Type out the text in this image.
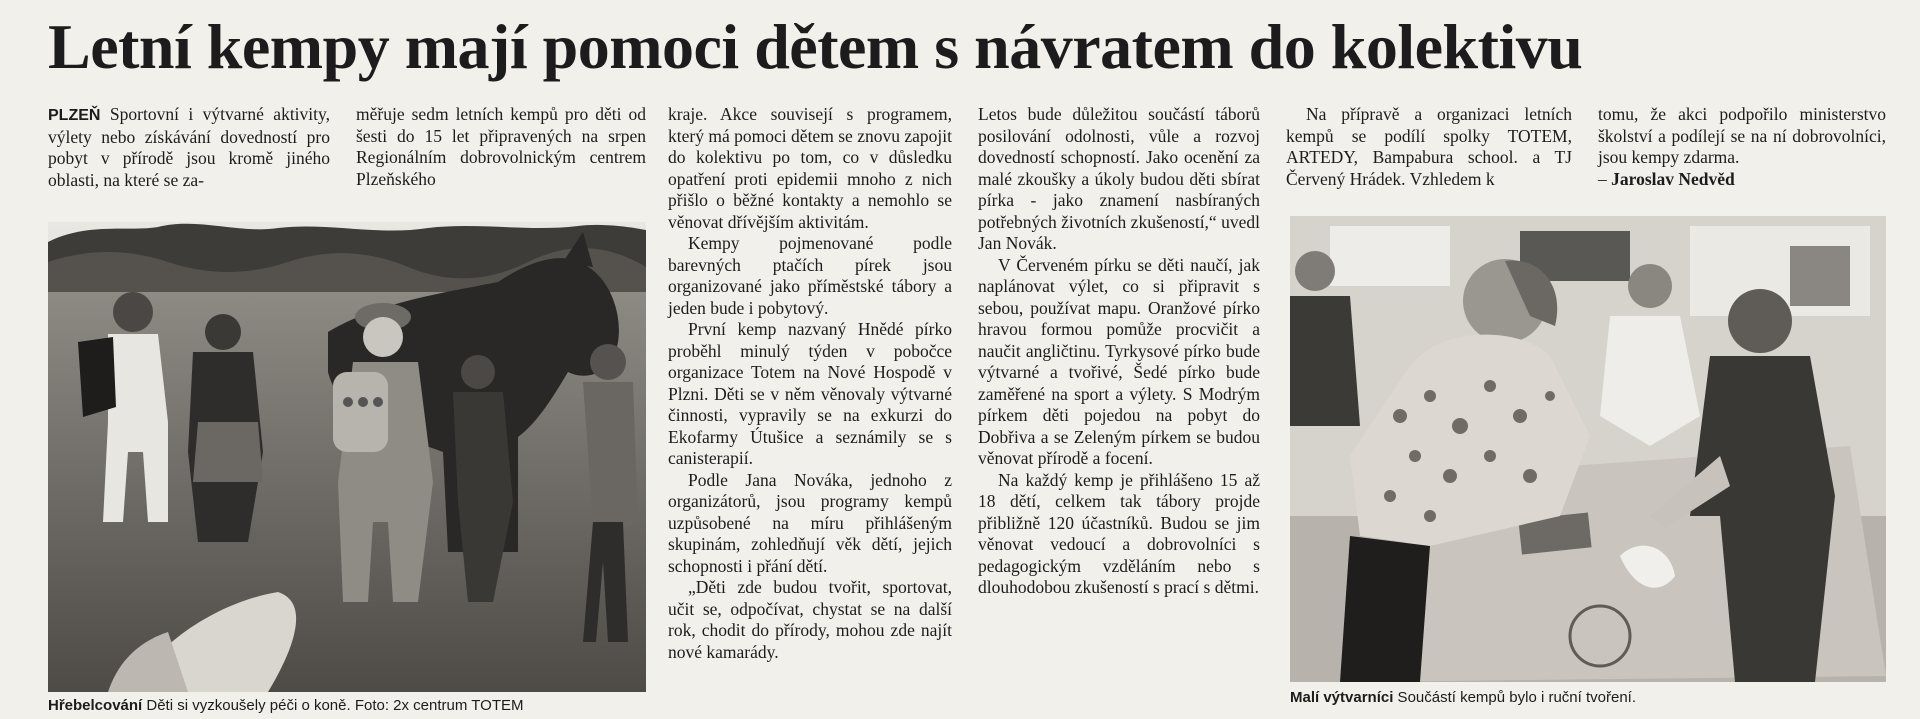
Letní kempy mají pomoci dětem s návratem do kolektivu

PLZEŇ Sportovní i výtvarné aktivity, výlety nebo získávání dovedností pro pobyt v přírodě jsou kromě jiného oblasti, na které se za-

měřuje sedm letních kempů pro děti od šesti do 15 let připravených na srpen Regionálním dobrovolnickým centrem Plzeňského

Hřebelcování Děti si vyzkoušely péči o koně. Foto: 2x centrum TOTEM

kraje. Akce souvisejí s programem, který má pomoci dětem se znovu zapojit do kolektivu po tom, co v důsledku opatření proti epidemii mnoho z nich přišlo o běžné kontakty a nemohlo se věnovat dřívějším aktivitám.

Kempy pojmenované podle barevných ptačích pírek jsou organizované jako příměstské tábory a jeden bude i pobytový.

První kemp nazvaný Hnědé pírko proběhl minulý týden v pobočce organizace Totem na Nové Hospodě v Plzni. Děti se v něm věnovaly výtvarné činnosti, vypravily se na exkurzi do Ekofarmy Útušice a seznámily se s canisterapií.

Podle Jana Nováka, jednoho z organizátorů, jsou programy kempů uzpůsobené na míru přihlášeným skupinám, zohledňují věk dětí, jejich schopnosti i přání dětí.

„Děti zde budou tvořit, sportovat, učit se, odpočívat, chystat se na další rok, chodit do přírody, mohou zde najít nové kamarády.

Letos bude důležitou součástí táborů posilování odolnosti, vůle a rozvoj dovedností schopností. Jako ocenění za malé zkoušky a úkoly budou děti sbírat pírka - jako znamení nasbíraných potřebných životních zkušeností,“ uvedl Jan Novák.

V Červeném pírku se děti naučí, jak naplánovat výlet, co si připravit s sebou, používat mapu. Oranžové pírko hravou formou pomůže procvičit a naučit angličtinu. Tyrkysové pírko bude výtvarné a tvořivé, Šedé pírko bude zaměřené na sport a výlety. S Modrým pírkem děti pojedou na pobyt do Dobřiva a se Zeleným pírkem se budou věnovat přírodě a focení.

Na každý kemp je přihlášeno 15 až 18 dětí, celkem tak tábory projde přibližně 120 účastníků. Budou se jim věnovat vedoucí a dobrovolníci s pedagogickým vzděláním nebo s dlouhodobou zkušeností s prací s dětmi.

Na přípravě a organizaci letních kempů se podílí spolky TOTEM, ARTEDY, Bampabura school. a TJ Červený Hrádek. Vzhledem k

tomu, že akci podpořilo ministerstvo školství a podílejí se na ní dobrovolníci, jsou kempy zdarma.

– Jaroslav Nedvěd

Malí výtvarníci Součástí kempů bylo i ruční tvoření.
